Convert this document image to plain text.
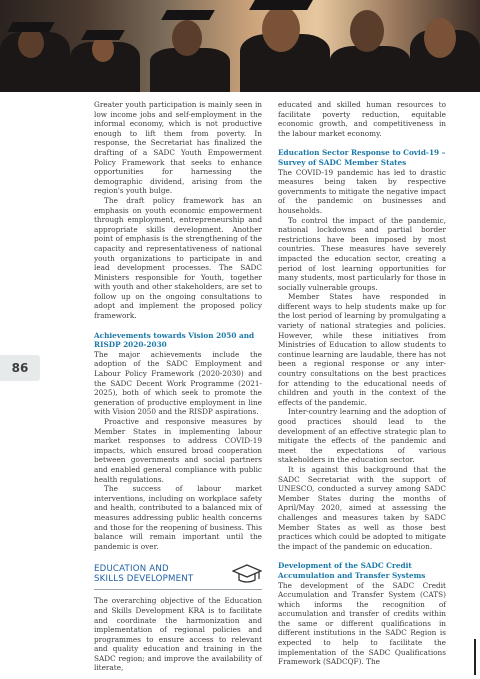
86

Greater youth participation is mainly seen in low income jobs and self-employment in the informal economy, which is not productive enough to lift them from poverty. In response, the Secretariat has finalized the drafting of a SADC Youth Empowerment Policy Framework that seeks to enhance opportunities for harnessing the demographic dividend, arising from the region's youth bulge.

The draft policy framework has an emphasis on youth economic empowerment through employment, entrepreneurship and appropriate skills development. Another point of emphasis is the strengthening of the capacity and representativeness of national youth organizations to participate in and lead development processes. The SADC Ministers responsible for Youth, together with youth and other stakeholders, are set to follow up on the ongoing consultations to adopt and implement the proposed policy framework.

Achievements towards Vision 2050 and RISDP 2020-2030

The major achievements include the adoption of the SADC Employment and Labour Policy Framework (2020-2030) and the SADC Decent Work Programme (2021-2025), both of which seek to promote the generation of productive employment in line with Vision 2050 and the RISDP aspirations.

Proactive and responsive measures by Member States in implementing labour market responses to address COVID-19 impacts, which ensured broad cooperation between governments and social partners and enabled general compliance with public health regulations.

The success of labour market interventions, including on workplace safety and health, contributed to a balanced mix of measures addressing public health concerns and those for the reopening of business. This balance will remain important until the pandemic is over.

EDUCATION AND
SKILLS DEVELOPMENT

The overarching objective of the Education and Skills Development KRA is to facilitate and coordinate the harmonization and implementation of regional policies and programmes to ensure access to relevant and quality education and training in the SADC region; and improve the availability of literate,

educated and skilled human resources to facilitate poverty reduction, equitable economic growth, and competitiveness in the labour market economy.

Education Sector Response to Covid-19 – Survey of SADC Member States

The COVID-19 pandemic has led to drastic measures being taken by respective governments to mitigate the negative impact of the pandemic on businesses and households.

To control the impact of the pandemic, national lockdowns and partial border restrictions have been imposed by most countries. These measures have severely impacted the education sector, creating a period of lost learning opportunities for many students, most particularly for those in socially vulnerable groups.

Member States have responded in different ways to help students make up for the lost period of learning by promulgating a variety of national strategies and policies. However, while these initiatives from Ministries of Education to allow students to continue learning are laudable, there has not been a regional response or any inter-country consultations on the best practices for attending to the educational needs of children and youth in the context of the effects of the pandemic.

Inter-country learning and the adoption of good practices should lead to the development of an effective strategic plan to mitigate the effects of the pandemic and meet the expectations of various stakeholders in the education sector.

It is against this background that the SADC Secretariat with the support of UNESCO, conducted a survey among SADC Member States during the months of April/May 2020, aimed at assessing the challenges and measures taken by SADC Member States as well as those best practices which could be adopted to mitigate the impact of the pandemic on education.

Development of the SADC Credit Accumulation and Transfer Systems

The development of the SADC Credit Accumulation and Transfer System (CATS) which informs the recognition of accumulation and transfer of credits within the same or different qualifications in different institutions in the SADC Region is expected to help to facilitate the implementation of the SADC Qualifications Framework (SADCQF). The
